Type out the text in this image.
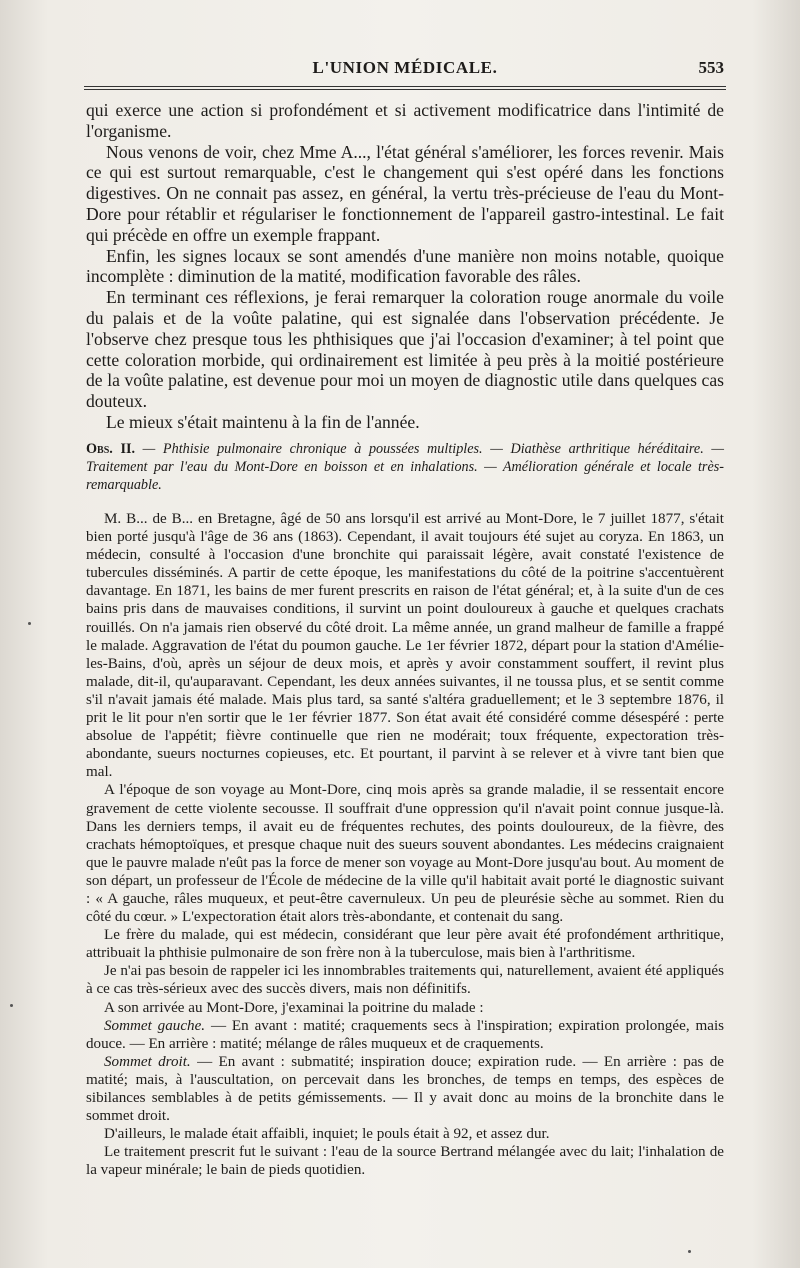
L'UNION MÉDICALE.	553

qui exerce une action si profondément et si activement modificatrice dans l'intimité de l'organisme.

Nous venons de voir, chez Mme A..., l'état général s'améliorer, les forces revenir. Mais ce qui est surtout remarquable, c'est le changement qui s'est opéré dans les fonctions digestives. On ne connait pas assez, en général, la vertu très-précieuse de l'eau du Mont-Dore pour rétablir et régulariser le fonctionnement de l'appareil gastro-intestinal. Le fait qui précède en offre un exemple frappant.

Enfin, les signes locaux se sont amendés d'une manière non moins notable, quoique incomplète : diminution de la matité, modification favorable des râles.

En terminant ces réflexions, je ferai remarquer la coloration rouge anormale du voile du palais et de la voûte palatine, qui est signalée dans l'observation précédente. Je l'observe chez presque tous les phthisiques que j'ai l'occasion d'examiner; à tel point que cette coloration morbide, qui ordinairement est limitée à peu près à la moitié postérieure de la voûte palatine, est devenue pour moi un moyen de diagnostic utile dans quelques cas douteux.

Le mieux s'était maintenu à la fin de l'année.

Obs. II. — Phthisie pulmonaire chronique à poussées multiples. — Diathèse arthritique héréditaire. — Traitement par l'eau du Mont-Dore en boisson et en inhalations. — Amélioration générale et locale très-remarquable.

M. B... de B... en Bretagne, âgé de 50 ans lorsqu'il est arrivé au Mont-Dore, le 7 juillet 1877, s'était bien porté jusqu'à l'âge de 36 ans (1863). Cependant, il avait toujours été sujet au coryza. En 1863, un médecin, consulté à l'occasion d'une bronchite qui paraissait légère, avait constaté l'existence de tubercules disséminés. A partir de cette époque, les manifestations du côté de la poitrine s'accentuèrent davantage. En 1871, les bains de mer furent prescrits en raison de l'état général; et, à la suite d'un de ces bains pris dans de mauvaises conditions, il survint un point douloureux à gauche et quelques crachats rouillés. On n'a jamais rien observé du côté droit. La même année, un grand malheur de famille a frappé le malade. Aggravation de l'état du poumon gauche. Le 1er février 1872, départ pour la station d'Amélie-les-Bains, d'où, après un séjour de deux mois, et après y avoir constamment souffert, il revint plus malade, dit-il, qu'auparavant. Cependant, les deux années suivantes, il ne toussa plus, et se sentit comme s'il n'avait jamais été malade. Mais plus tard, sa santé s'altéra graduellement; et le 3 septembre 1876, il prit le lit pour n'en sortir que le 1er février 1877. Son état avait été considéré comme désespéré : perte absolue de l'appétit; fièvre continuelle que rien ne modérait; toux fréquente, expectoration très-abondante, sueurs nocturnes copieuses, etc. Et pourtant, il parvint à se relever et à vivre tant bien que mal.

A l'époque de son voyage au Mont-Dore, cinq mois après sa grande maladie, il se ressentait encore gravement de cette violente secousse. Il souffrait d'une oppression qu'il n'avait point connue jusque-là. Dans les derniers temps, il avait eu de fréquentes rechutes, des points douloureux, de la fièvre, des crachats hémoptoïques, et presque chaque nuit des sueurs souvent abondantes. Les médecins craignaient que le pauvre malade n'eût pas la force de mener son voyage au Mont-Dore jusqu'au bout. Au moment de son départ, un professeur de l'École de médecine de la ville qu'il habitait avait porté le diagnostic suivant : « A gauche, râles muqueux, et peut-être cavernuleux. Un peu de pleurésie sèche au sommet. Rien du côté du cœur. » L'expectoration était alors très-abondante, et contenait du sang.

Le frère du malade, qui est médecin, considérant que leur père avait été profondément arthritique, attribuait la phthisie pulmonaire de son frère non à la tuberculose, mais bien à l'arthritisme.

Je n'ai pas besoin de rappeler ici les innombrables traitements qui, naturellement, avaient été appliqués à ce cas très-sérieux avec des succès divers, mais non définitifs.

A son arrivée au Mont-Dore, j'examinai la poitrine du malade :

Sommet gauche. — En avant : matité; craquements secs à l'inspiration; expiration prolongée, mais douce. — En arrière : matité; mélange de râles muqueux et de craquements.

Sommet droit. — En avant : submatité; inspiration douce; expiration rude. — En arrière : pas de matité; mais, à l'auscultation, on percevait dans les bronches, de temps en temps, des espèces de sibilances semblables à de petits gémissements. — Il y avait donc au moins de la bronchite dans le sommet droit.

D'ailleurs, le malade était affaibli, inquiet; le pouls était à 92, et assez dur.

Le traitement prescrit fut le suivant : l'eau de la source Bertrand mélangée avec du lait; l'inhalation de la vapeur minérale; le bain de pieds quotidien.
